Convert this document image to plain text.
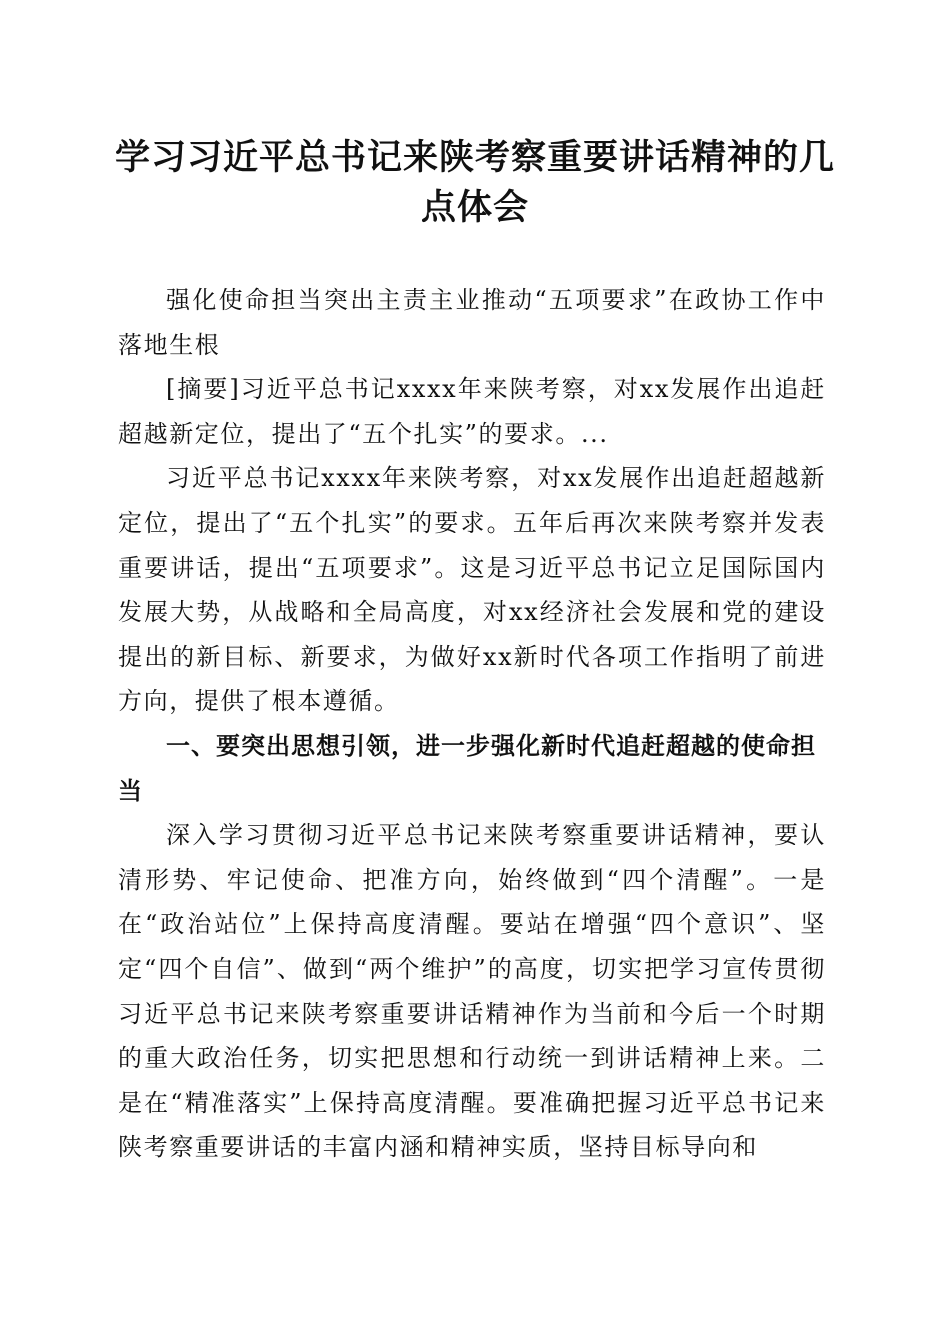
学习习近平总书记来陕考察重要讲话精神的几点体会

强化使命担当突出主责主业推动“五项要求”在政协工作中落地生根

[摘要]习近平总书记xxxx年来陕考察，对xx发展作出追赶超越新定位，提出了“五个扎实”的要求。...

习近平总书记xxxx年来陕考察，对xx发展作出追赶超越新定位，提出了“五个扎实”的要求。五年后再次来陕考察并发表重要讲话，提出“五项要求”。这是习近平总书记立足国际国内发展大势，从战略和全局高度，对xx经济社会发展和党的建设提出的新目标、新要求，为做好xx新时代各项工作指明了前进方向，提供了根本遵循。

一、要突出思想引领，进一步强化新时代追赶超越的使命担当

深入学习贯彻习近平总书记来陕考察重要讲话精神，要认清形势、牢记使命、把准方向，始终做到“四个清醒”。一是在“政治站位”上保持高度清醒。要站在增强“四个意识”、坚定“四个自信”、做到“两个维护”的高度，切实把学习宣传贯彻习近平总书记来陕考察重要讲话精神作为当前和今后一个时期的重大政治任务，切实把思想和行动统一到讲话精神上来。二是在“精准落实”上保持高度清醒。要准确把握习近平总书记来陕考察重要讲话的丰富内涵和精神实质，坚持目标导向和
